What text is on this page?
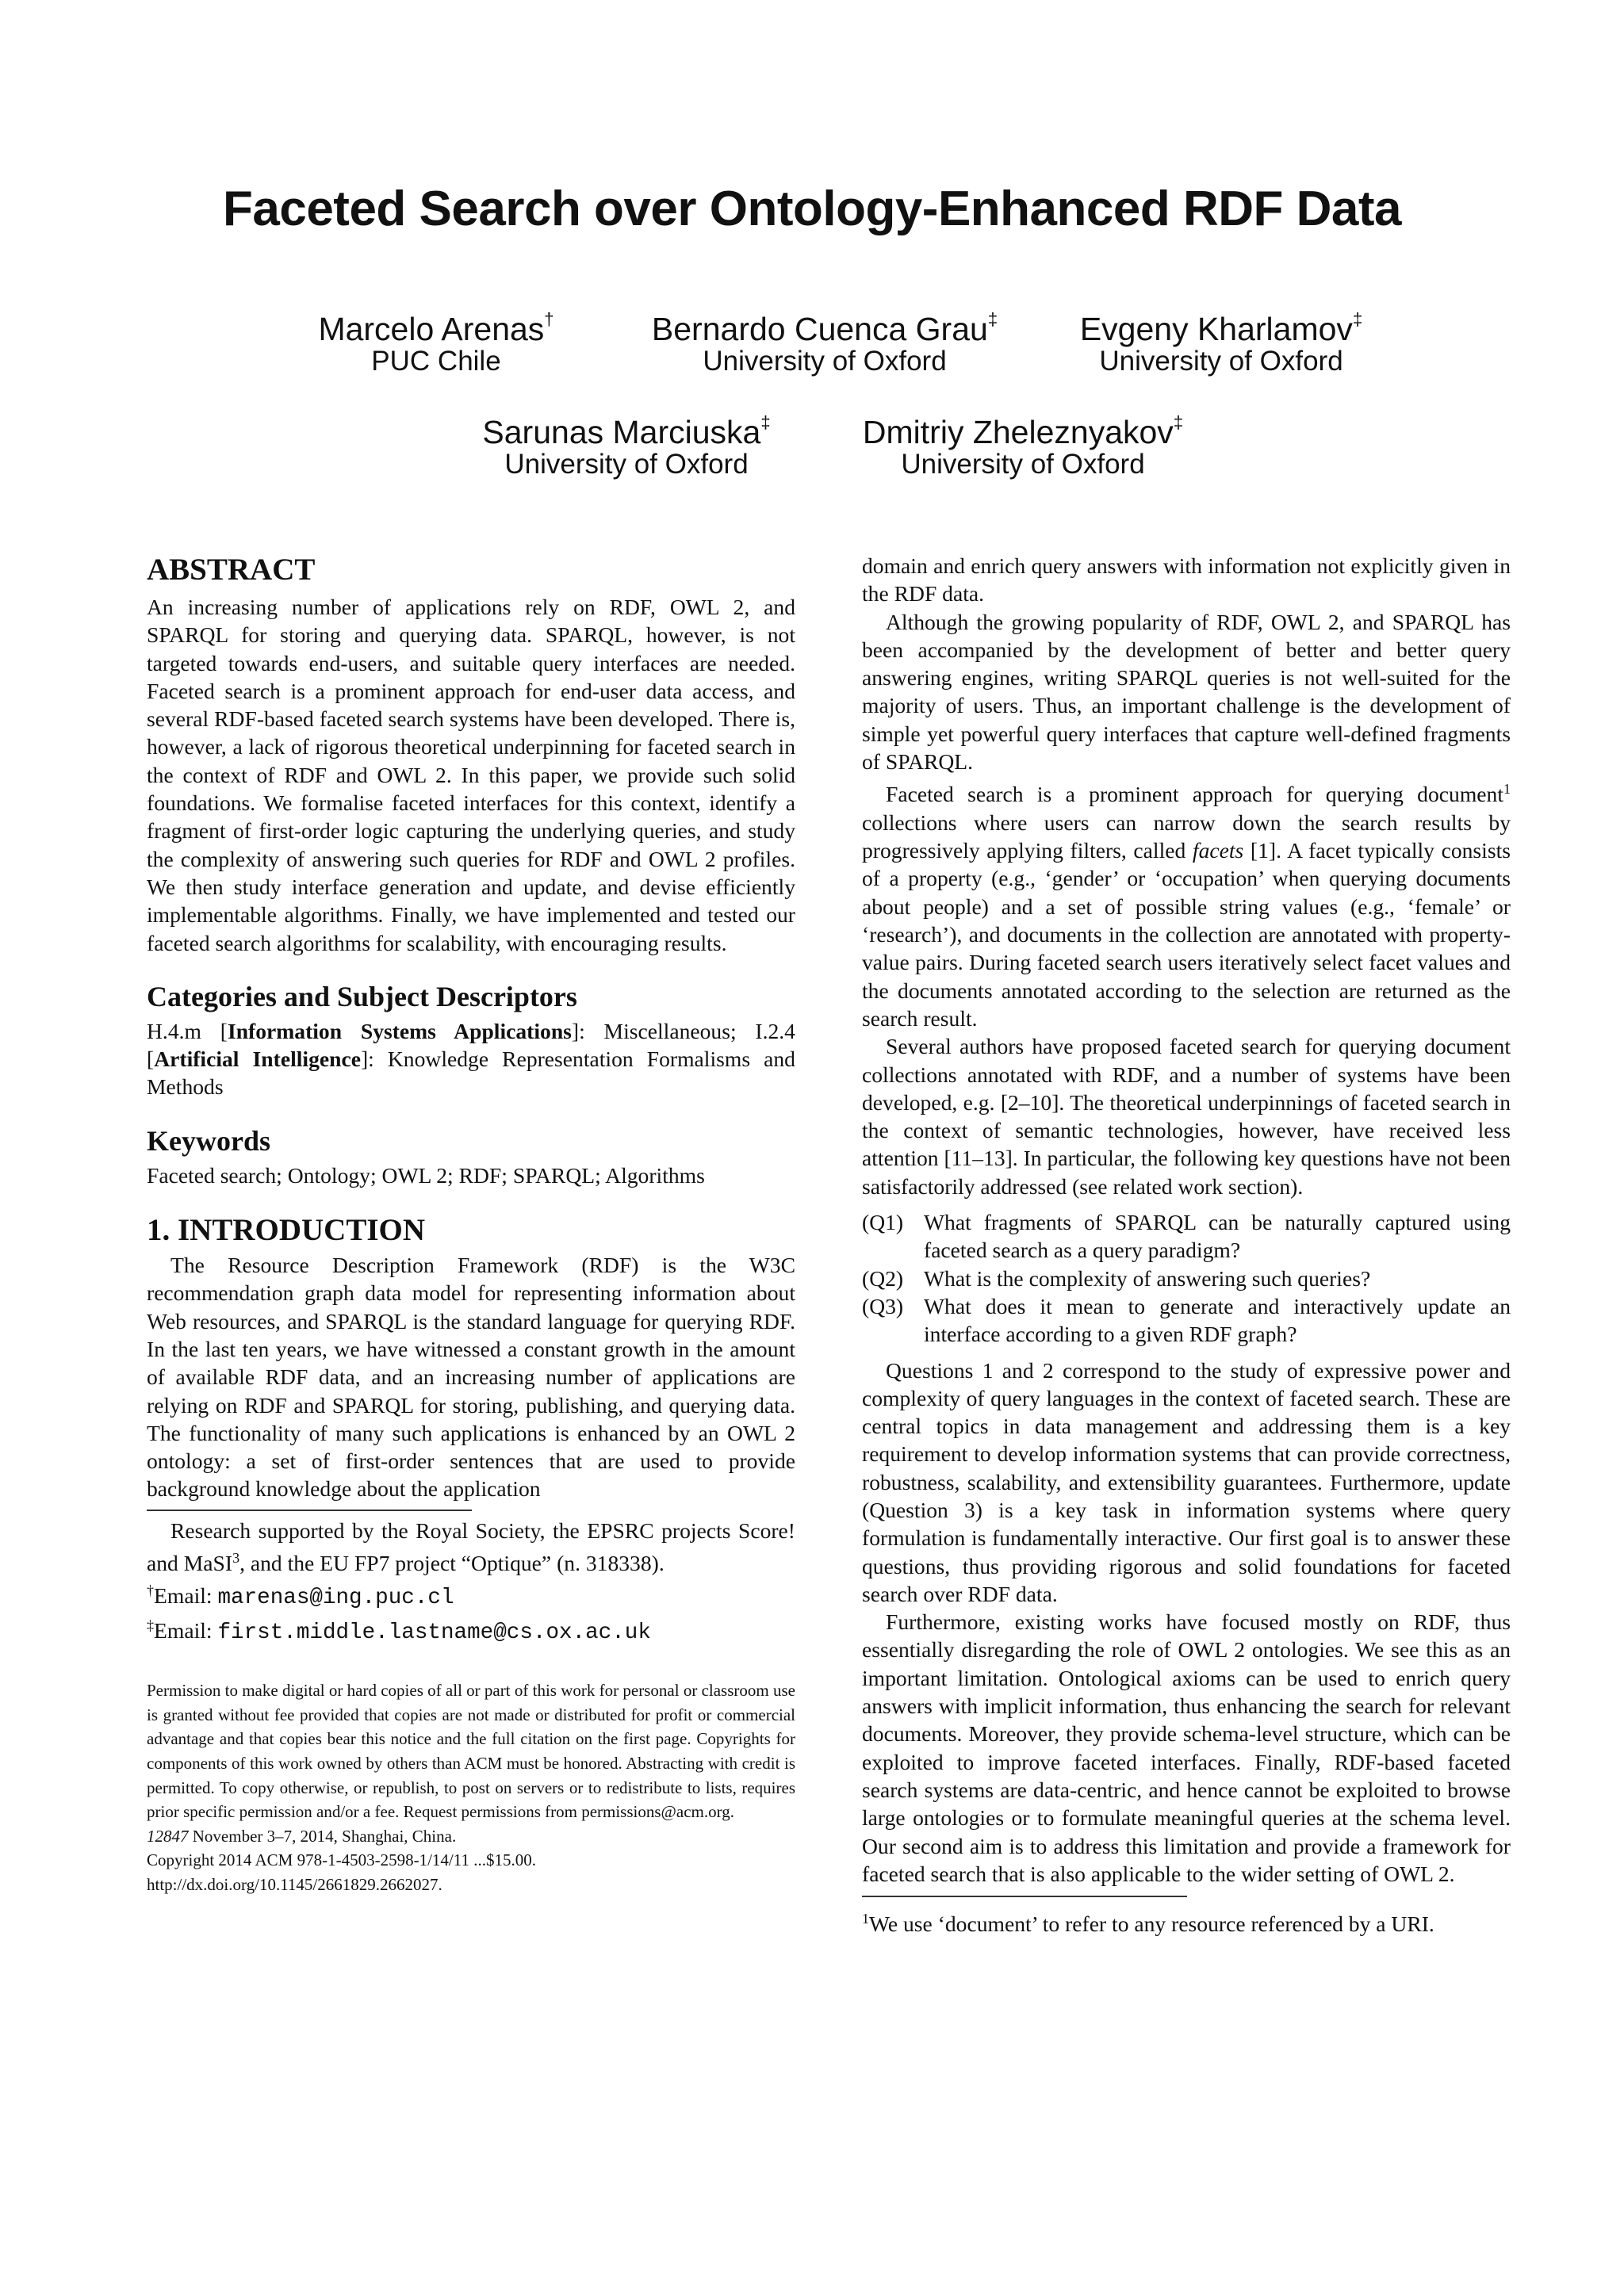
Faceted Search over Ontology-Enhanced RDF Data
Marcelo Arenas†
PUC Chile
Bernardo Cuenca Grau‡
University of Oxford
Evgeny Kharlamov‡
University of Oxford
Sarunas Marciuska‡
University of Oxford
Dmitriy Zheleznyakov‡
University of Oxford
ABSTRACT

An increasing number of applications rely on RDF, OWL 2, and SPARQL for storing and querying data. SPARQL, however, is not targeted towards end-users, and suitable query interfaces are needed. Faceted search is a prominent approach for end-user data access, and several RDF-based faceted search systems have been developed. There is, however, a lack of rigorous theoretical underpinning for faceted search in the context of RDF and OWL 2. In this paper, we provide such solid foundations. We formalise faceted interfaces for this context, identify a fragment of first-order logic capturing the underlying queries, and study the complexity of answering such queries for RDF and OWL 2 profiles. We then study interface generation and update, and devise efficiently implementable algorithms. Finally, we have implemented and tested our faceted search algorithms for scalability, with encouraging results.

Categories and Subject Descriptors

H.4.m [Information Systems Applications]: Miscellaneous; I.2.4 [Artificial Intelligence]: Knowledge Representation Formalisms and Methods

Keywords

Faceted search; Ontology; OWL 2; RDF; SPARQL; Algorithms

1. INTRODUCTION

The Resource Description Framework (RDF) is the W3C recommendation graph data model for representing information about Web resources, and SPARQL is the standard language for querying RDF. In the last ten years, we have witnessed a constant growth in the amount of available RDF data, and an increasing number of applications are relying on RDF and SPARQL for storing, publishing, and querying data. The functionality of many such applications is enhanced by an OWL 2 ontology: a set of first-order sentences that are used to provide background knowledge about the application

Research supported by the Royal Society, the EPSRC projects Score! and MaSI$^3$, and the EU FP7 project “Optique” (n. 318338).

†Email: marenas@ing.puc.cl

‡Email: first.middle.lastname@cs.ox.ac.uk

Permission to make digital or hard copies of all or part of this work for personal or classroom use is granted without fee provided that copies are not made or distributed for profit or commercial advantage and that copies bear this notice and the full citation on the first page. Copyrights for components of this work owned by others than ACM must be honored. Abstracting with credit is permitted. To copy otherwise, or republish, to post on servers or to redistribute to lists, requires prior specific permission and/or a fee. Request permissions from permissions@acm.org.

12847 November 3–7, 2014, Shanghai, China.

Copyright 2014 ACM 978-1-4503-2598-1/14/11 ...$15.00.

http://dx.doi.org/10.1145/2661829.2662027.

domain and enrich query answers with information not explicitly given in the RDF data.

Although the growing popularity of RDF, OWL 2, and SPARQL has been accompanied by the development of better and better query answering engines, writing SPARQL queries is not well-suited for the majority of users. Thus, an important challenge is the development of simple yet powerful query interfaces that capture well-defined fragments of SPARQL.

Faceted search is a prominent approach for querying document$^1$ collections where users can narrow down the search results by progressively applying filters, called facets [1]. A facet typically consists of a property (e.g., ‘gender’ or ‘occupation’ when querying documents about people) and a set of possible string values (e.g., ‘female’ or ‘research’), and documents in the collection are annotated with property-value pairs. During faceted search users iteratively select facet values and the documents annotated according to the selection are returned as the search result.

Several authors have proposed faceted search for querying document collections annotated with RDF, and a number of systems have been developed, e.g. [2–10]. The theoretical underpinnings of faceted search in the context of semantic technologies, however, have received less attention [11–13]. In particular, the following key questions have not been satisfactorily addressed (see related work section).

(Q1) What fragments of SPARQL can be naturally captured using faceted search as a query paradigm?
(Q2) What is the complexity of answering such queries?
(Q3) What does it mean to generate and interactively update an interface according to a given RDF graph?

Questions 1 and 2 correspond to the study of expressive power and complexity of query languages in the context of faceted search. These are central topics in data management and addressing them is a key requirement to develop information systems that can provide correctness, robustness, scalability, and extensibility guarantees. Furthermore, update (Question 3) is a key task in information systems where query formulation is fundamentally interactive. Our first goal is to answer these questions, thus providing rigorous and solid foundations for faceted search over RDF data.

Furthermore, existing works have focused mostly on RDF, thus essentially disregarding the role of OWL 2 ontologies. We see this as an important limitation. Ontological axioms can be used to enrich query answers with implicit information, thus enhancing the search for relevant documents. Moreover, they provide schema-level structure, which can be exploited to improve faceted interfaces. Finally, RDF-based faceted search systems are data-centric, and hence cannot be exploited to browse large ontologies or to formulate meaningful queries at the schema level. Our second aim is to address this limitation and provide a framework for faceted search that is also applicable to the wider setting of OWL 2.

$^1$We use ‘document’ to refer to any resource referenced by a URI.
